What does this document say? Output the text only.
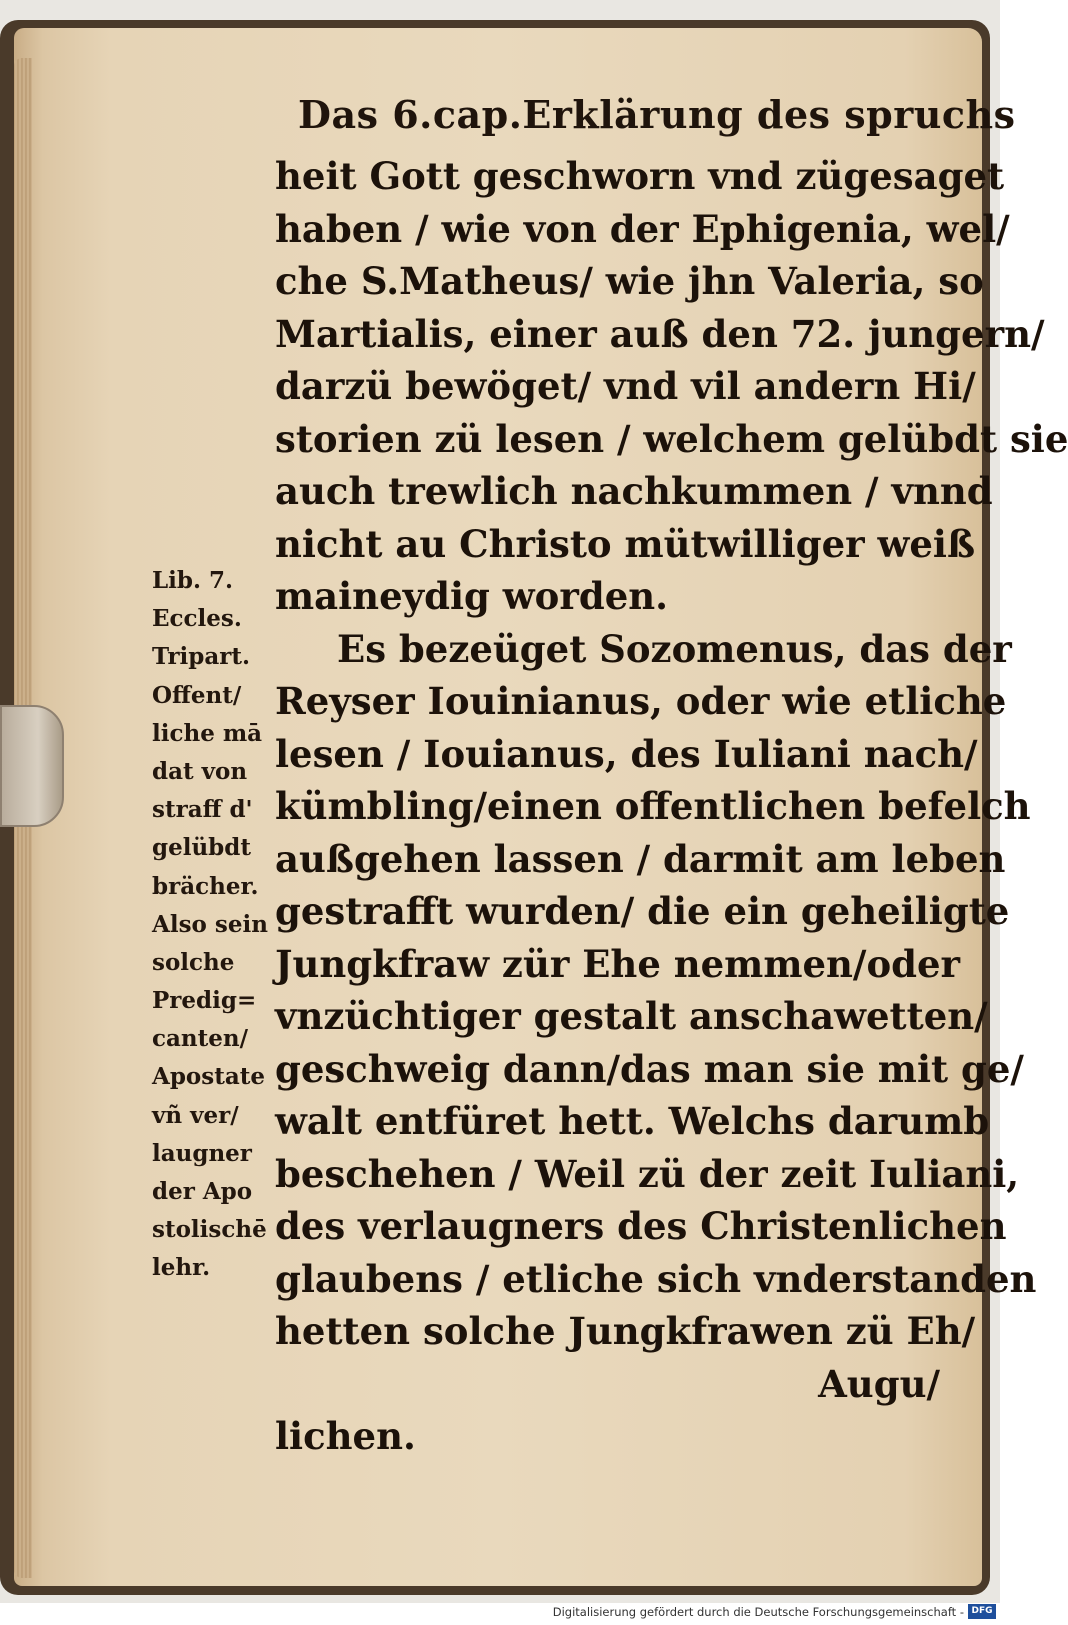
Das 6.cap.Erklärung des spruchs
heit Gott geschworn vnd zügesaget
haben / wie von der Ephigenia, wel/
che S.Matheus/ wie jhn Valeria, so
Martialis, einer auß den 72. jungern/
darzü bewöget/ vnd vil andern Hi/
storien zü lesen / welchem gelübdt sie
auch trewlich nachkummen / vnnd
nicht au Christo mütwilliger weiß
maineydig worden.
Es bezeüget Sozomenus, das der
Reyser Iouinianus, oder wie etliche
lesen / Iouianus, des Iuliani nach/
kümbling/einen offentlichen befelch
außgehen lassen / darmit am leben
gestrafft wurden/ die ein geheiligte
Jungkfraw zür Ehe nemmen/oder
vnzüchtiger gestalt anschawetten/
geschweig dann/das man sie mit ge/
walt entfüret hett. Welchs darumb
beschehen / Weil zü der zeit Iuliani,
des verlaugners des Christenlichen
glaubens / etliche sich vnderstanden
hetten solche Jungkfrawen zü Eh/
Augu/
lichen.
Lib. 7.
Eccles.
Tripart.
Offent/
liche mā
dat von
straff d'
gelübdt
brächer.
Also sein
solche
Predig=
canten/
Apostate
vñ ver/
laugner
der Apo
stolischē
lehr.
Digitalisierung gefördert durch die Deutsche Forschungsgemeinschaft - DFG
